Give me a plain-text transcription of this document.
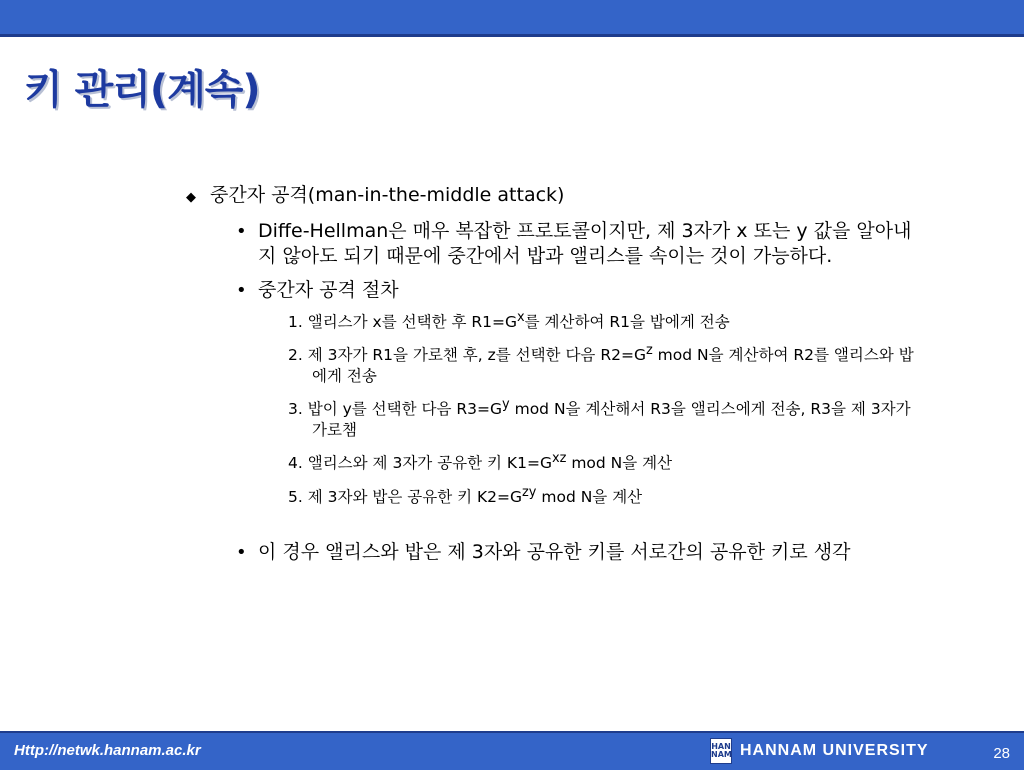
키 관리(계속)
◆ 중간자 공격(man-in-the-middle attack)
• Diffe-Hellman은 매우 복잡한 프로토콜이지만, 제 3자가 x 또는 y 값을 알아내지 않아도 되기 때문에 중간에서 밥과 앨리스를 속이는 것이 가능하다.
• 중간자 공격 절차
1. 앨리스가 x를 선택한 후 $R1=G^x$를 계산하여 R1을 밥에게 전송
2. 제 3자가 R1을 가로챈 후, z를 선택한 다음 $R2=G^z$ mod N을 계산하여 R2를 앨리스와 밥에게 전송
3. 밥이 y를 선택한 다음 $R3=G^y$ mod N을 계산해서 R3을 앨리스에게 전송, R3을 제 3자가 가로챔
4. 앨리스와 제 3자가 공유한 키 $K1=G^{xz}$ mod N을 계산
5. 제 3자와 밥은 공유한 키 $K2=G^{zy}$ mod N을 계산
• 이 경우 앨리스와 밥은 제 3자와 공유한 키를 서로간의 공유한 키로 생각
Http://netwk.hannam.ac.kr	HAN NAM HANNAM UNIVERSITY	28
